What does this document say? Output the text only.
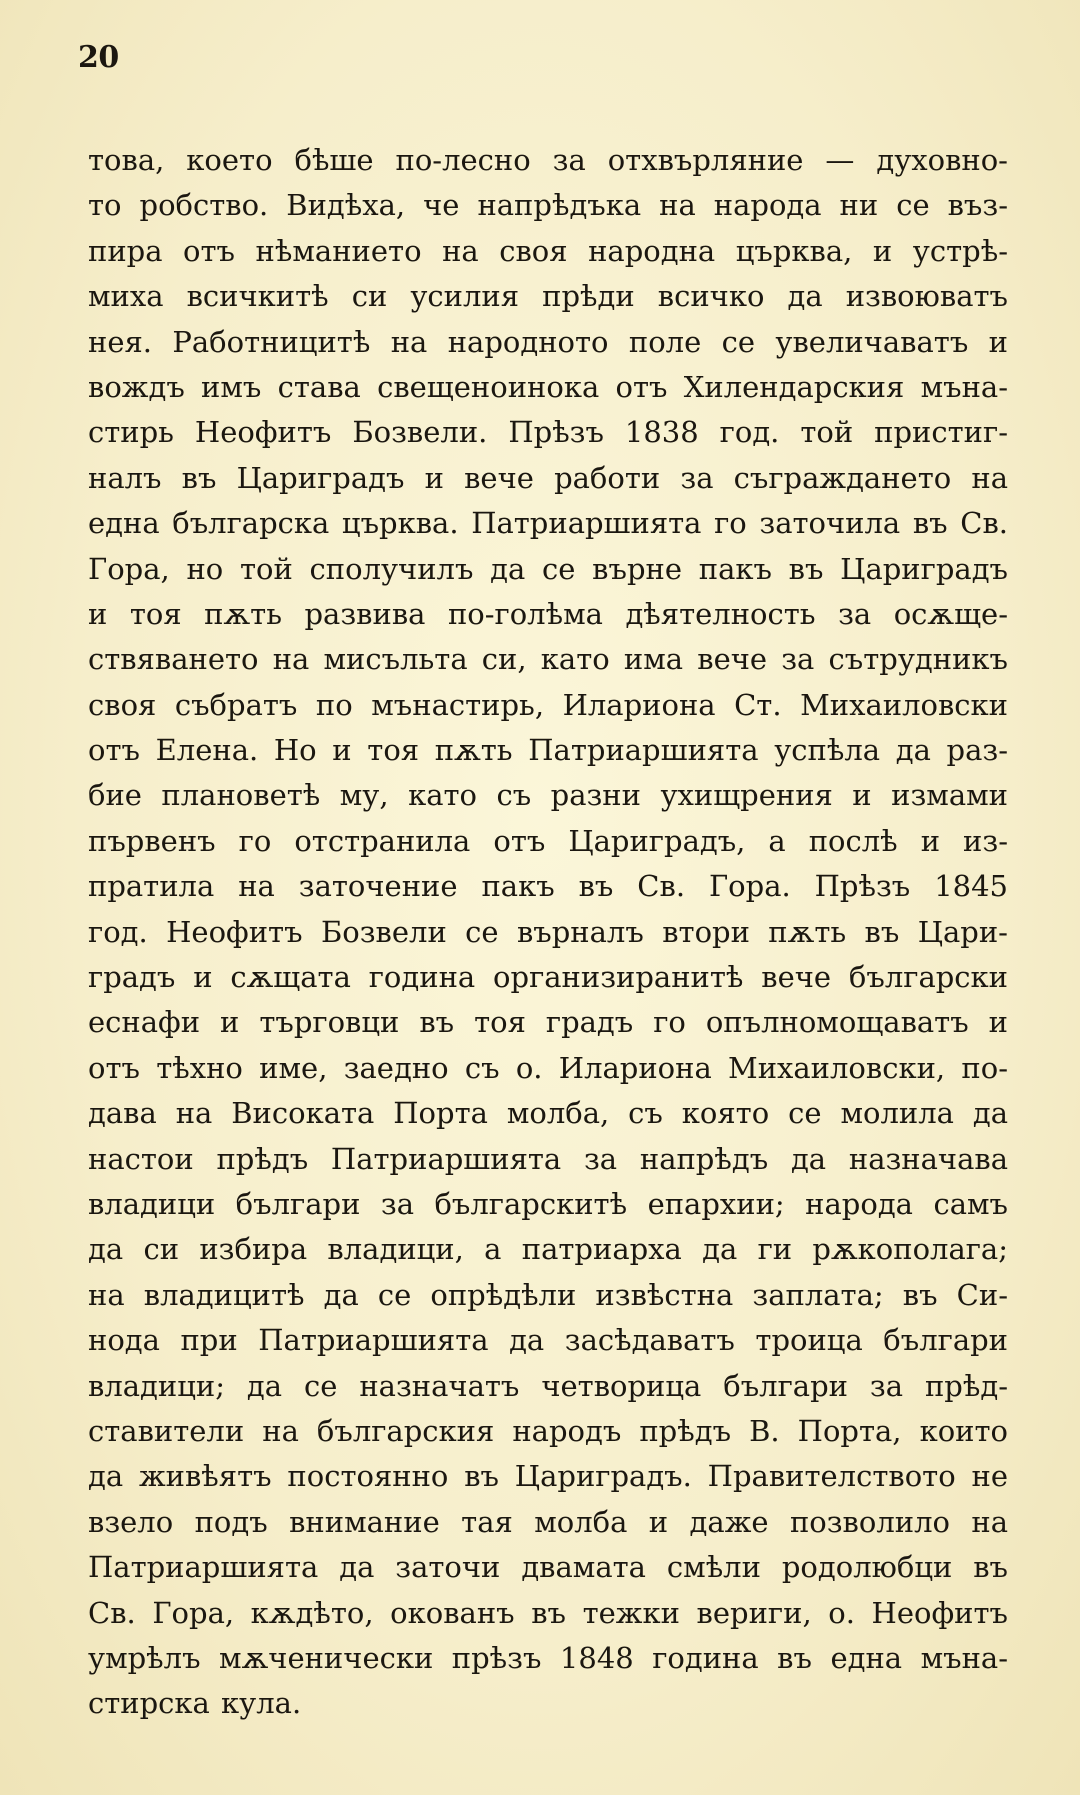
20
това, което бѣше по-лесно за отхвърляние — духовно-
то робство. Видѣха, че напрѣдъка на народа ни се въз-
пира отъ нѣманието на своя народна църква, и устрѣ-
миха всичкитѣ си усилия прѣди всичко да извоюватъ
нея. Работницитѣ на народното поле се увеличаватъ и
вождъ имъ става свещеноинока отъ Хилендарския мъна-
стирь Неофитъ Бозвели. Прѣзъ 1838 год. той пристиг-
налъ въ Цариградъ и вече работи за съграждането на
една българска църква. Патриаршията го заточила въ Св.
Гора, но той сполучилъ да се върне пакъ въ Цариградъ
и тоя пѫть развива по-голѣма дѣятелность за осѫще-
ствяването на мисъльта си, като има вече за сътрудникъ
своя събратъ по мънастирь, Илариона Ст. Михаиловски
отъ Елена. Но и тоя пѫть Патриаршията успѣла да раз-
бие плановетѣ му, като съ разни ухищрения и измами
първенъ го отстранила отъ Цариградъ, а послѣ и из-
пратила на заточение пакъ въ Св. Гора. Прѣзъ 1845
год. Неофитъ Бозвели се върналъ втори пѫть въ Цари-
градъ и сѫщата година организиранитѣ вече български
еснафи и търговци въ тоя градъ го опълномощаватъ и
отъ тѣхно име, заедно съ о. Илариона Михаиловски, по-
дава на Високата Порта молба, съ която се молила да
настои прѣдъ Патриаршията за напрѣдъ да назначава
владици българи за българскитѣ епархии; народа самъ
да си избира владици, а патриарха да ги рѫкополага;
на владицитѣ да се опрѣдѣли извѣстна заплата; въ Си-
нода при Патриаршията да засѣдаватъ троица българи
владици; да се назначатъ четворица българи за прѣд-
ставители на българския народъ прѣдъ В. Порта, които
да живѣятъ постоянно въ Цариградъ. Правителството не
взело подъ внимание тая молба и даже позволило на
Патриаршията да заточи двамата смѣли родолюбци въ
Св. Гора, кѫдѣто, окованъ въ тежки вериги, о. Неофитъ
умрѣлъ мѫченически прѣзъ 1848 година въ една мъна-
стирска кула.
